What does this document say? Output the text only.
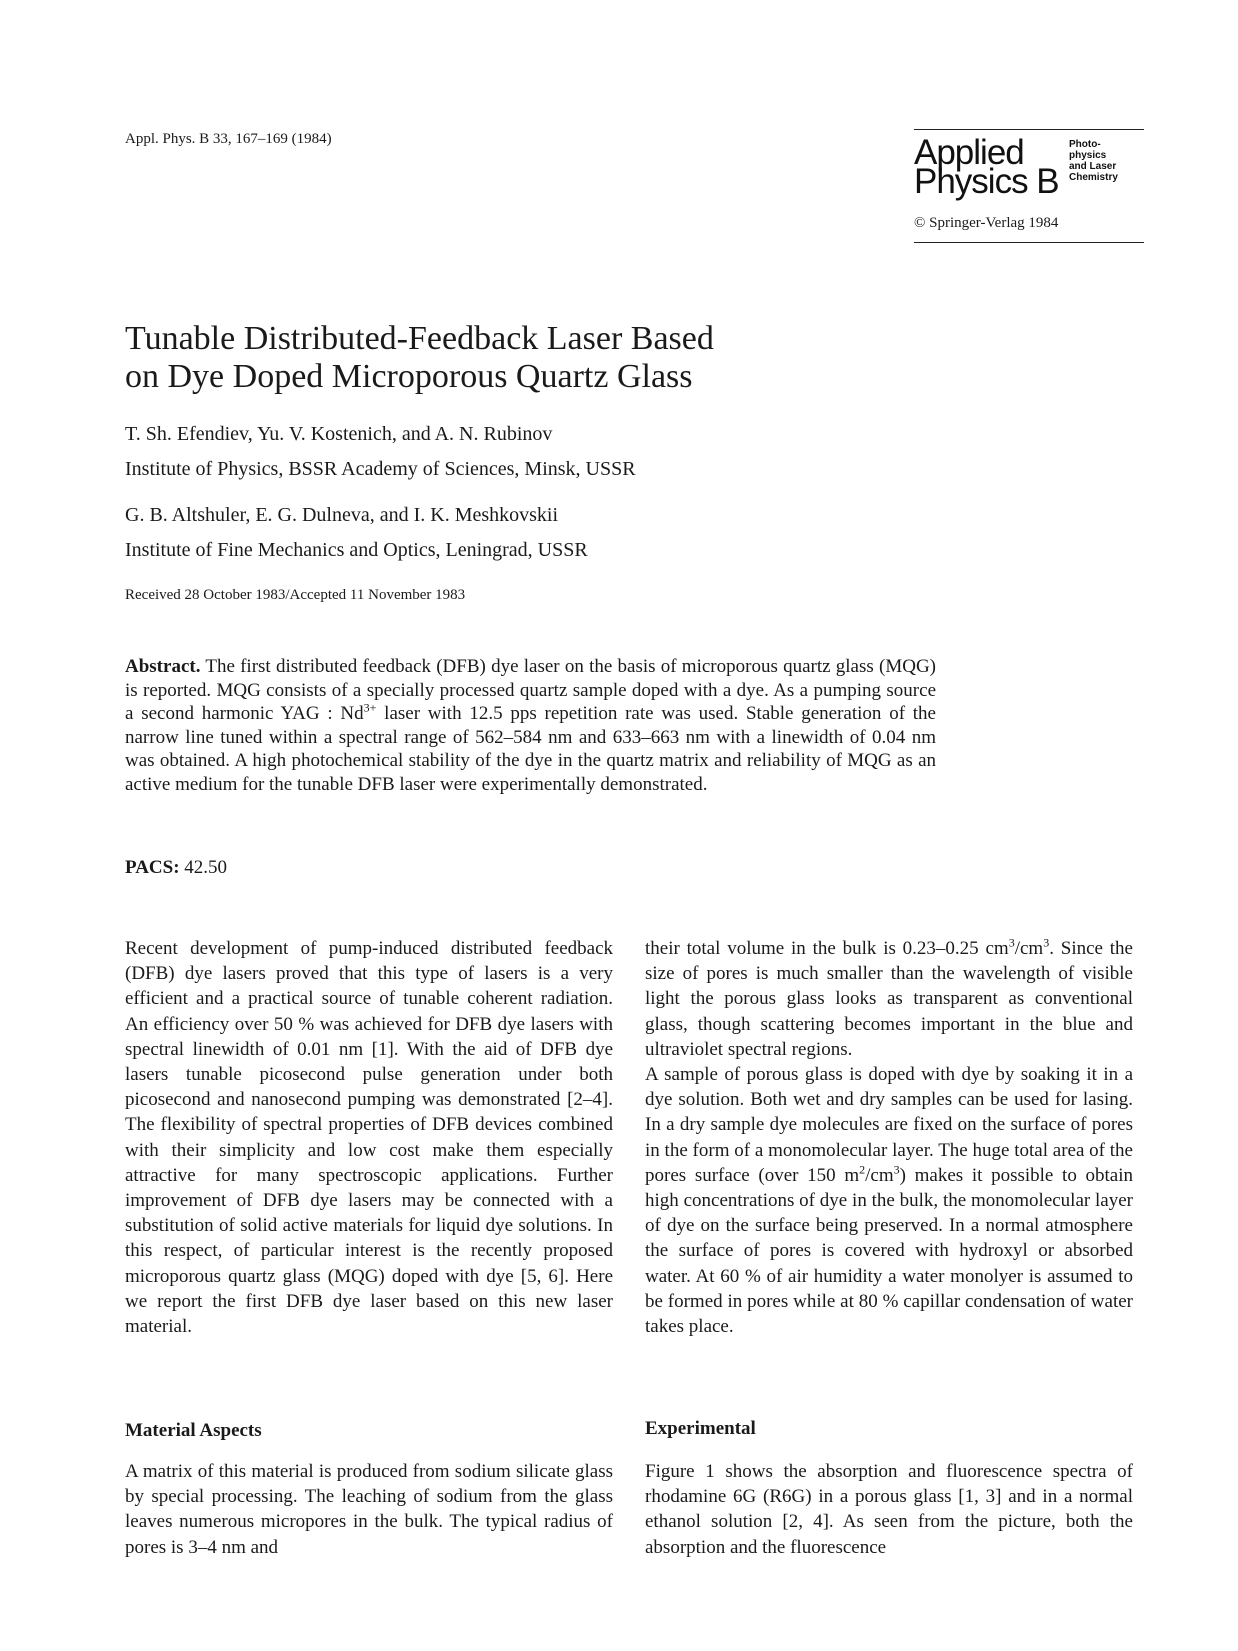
Appl. Phys. B 33, 167–169 (1984)	Applied
Physics B
Photo-
physics
and Laser
Chemistry
© Springer-Verlag 1984
Tunable Distributed-Feedback Laser Based
on Dye Doped Microporous Quartz Glass
T. Sh. Efendiev, Yu. V. Kostenich, and A. N. Rubinov
Institute of Physics, BSSR Academy of Sciences, Minsk, USSR
G. B. Altshuler, E. G. Dulneva, and I. K. Meshkovskii
Institute of Fine Mechanics and Optics, Leningrad, USSR
Received 28 October 1983/Accepted 11 November 1983

Abstract. The first distributed feedback (DFB) dye laser on the basis of microporous quartz glass (MQG) is reported. MQG consists of a specially processed quartz sample doped with a dye. As a pumping source a second harmonic YAG : $Nd^{3+}$ laser with 12.5 pps repetition rate was used. Stable generation of the narrow line tuned within a spectral range of 562–584 nm and 633–663 nm with a linewidth of 0.04 nm was obtained. A high photochemical stability of the dye in the quartz matrix and reliability of MQG as an active medium for the tunable DFB laser were experimentally demonstrated.

PACS: 42.50

Recent development of pump-induced distributed feedback (DFB) dye lasers proved that this type of lasers is a very efficient and a practical source of tunable coherent radiation. An efficiency over 50 % was achieved for DFB dye lasers with spectral linewidth of 0.01 nm [1]. With the aid of DFB dye lasers tunable picosecond pulse generation under both picosecond and nanosecond pumping was demonstrated [2–4]. The flexibility of spectral properties of DFB devices combined with their simplicity and low cost make them especially attractive for many spectroscopic applications. Further improvement of DFB dye lasers may be connected with a substitution of solid active materials for liquid dye solutions. In this respect, of particular interest is the recently proposed microporous quartz glass (MQG) doped with dye [5, 6]. Here we report the first DFB dye laser based on this new laser material.

Material Aspects

A matrix of this material is produced from sodium silicate glass by special processing. The leaching of sodium from the glass leaves numerous micropores in the bulk. The typical radius of pores is 3–4 nm and

their total volume in the bulk is 0.23–0.25 $cm^3/cm^3$. Since the size of pores is much smaller than the wavelength of visible light the porous glass looks as transparent as conventional glass, though scattering becomes important in the blue and ultraviolet spectral regions.

A sample of porous glass is doped with dye by soaking it in a dye solution. Both wet and dry samples can be used for lasing. In a dry sample dye molecules are fixed on the surface of pores in the form of a monomolecular layer. The huge total area of the pores surface (over 150 $m^2/cm^3$) makes it possible to obtain high concentrations of dye in the bulk, the monomolecular layer of dye on the surface being preserved. In a normal atmosphere the surface of pores is covered with hydroxyl or absorbed water. At 60 % of air humidity a water monolyer is assumed to be formed in pores while at 80 % capillar condensation of water takes place.

Experimental

Figure 1 shows the absorption and fluorescence spectra of rhodamine 6G (R6G) in a porous glass [1, 3] and in a normal ethanol solution [2, 4]. As seen from the picture, both the absorption and the fluorescence
